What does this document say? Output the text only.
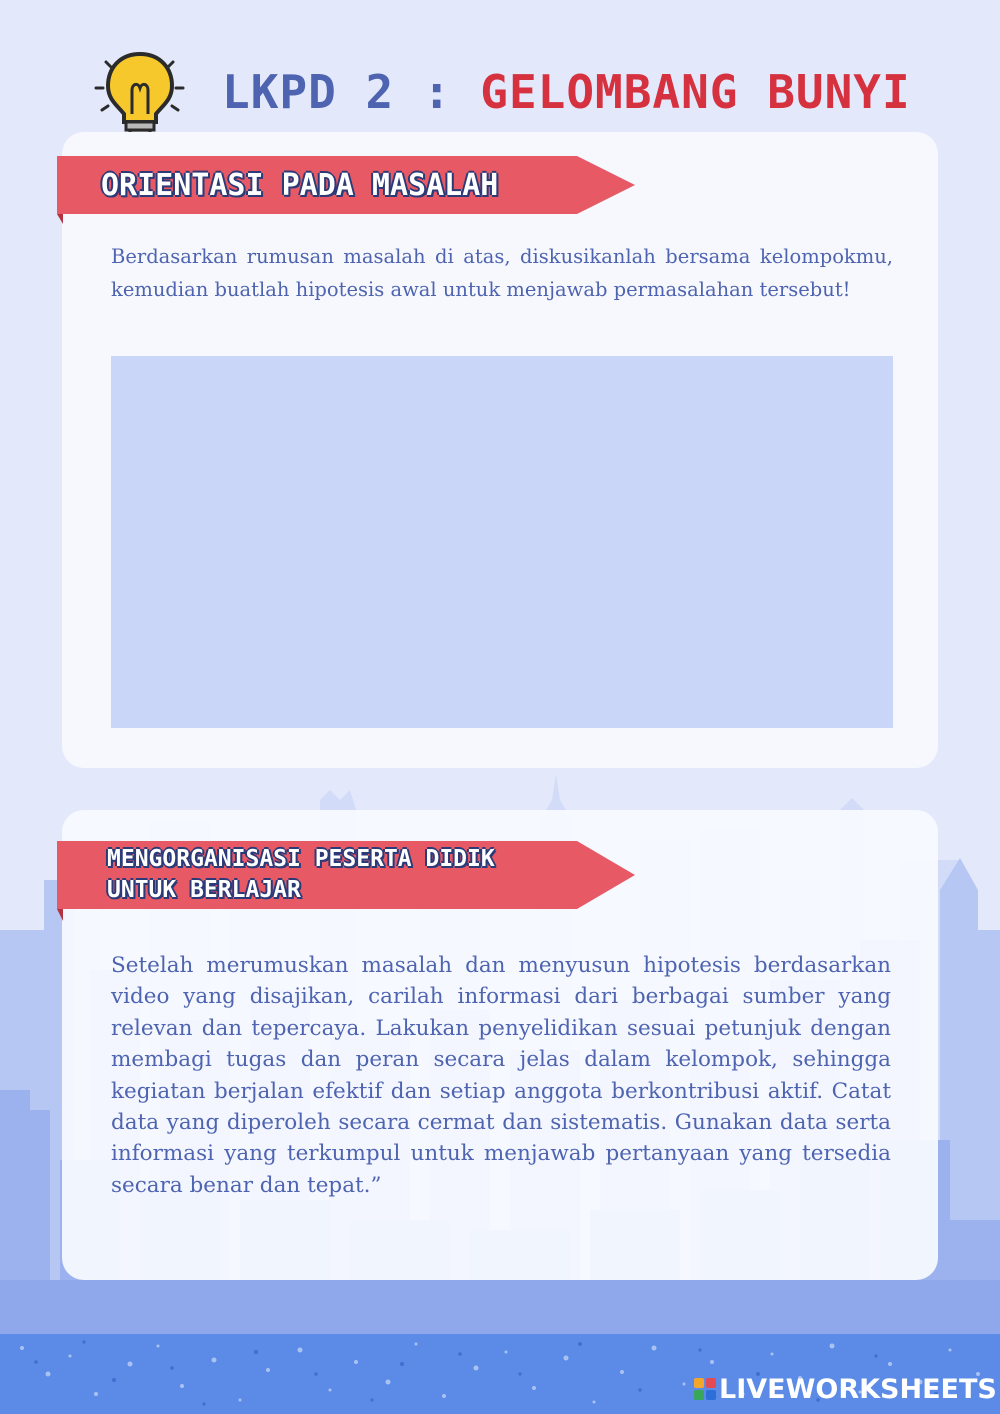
LKPD 2 : GELOMBANG BUNYI
ORIENTASI PADA MASALAH
Berdasarkan rumusan masalah di atas, diskusikanlah bersama kelompokmu, kemudian buatlah hipotesis awal untuk menjawab permasalahan tersebut!
MENGORGANISASI PESERTA DIDIK
UNTUK BERLAJAR
Setelah merumuskan masalah dan menyusun hipotesis berdasarkan video yang disajikan, carilah informasi dari berbagai sumber yang relevan dan tepercaya. Lakukan penyelidikan sesuai petunjuk dengan membagi tugas dan peran secara jelas dalam kelompok, sehingga kegiatan berjalan efektif dan setiap anggota berkontribusi aktif. Catat data yang diperoleh secara cermat dan sistematis. Gunakan data serta informasi yang terkumpul untuk menjawab pertanyaan yang tersedia secara benar dan tepat.”
LIVEWORKSHEETS
